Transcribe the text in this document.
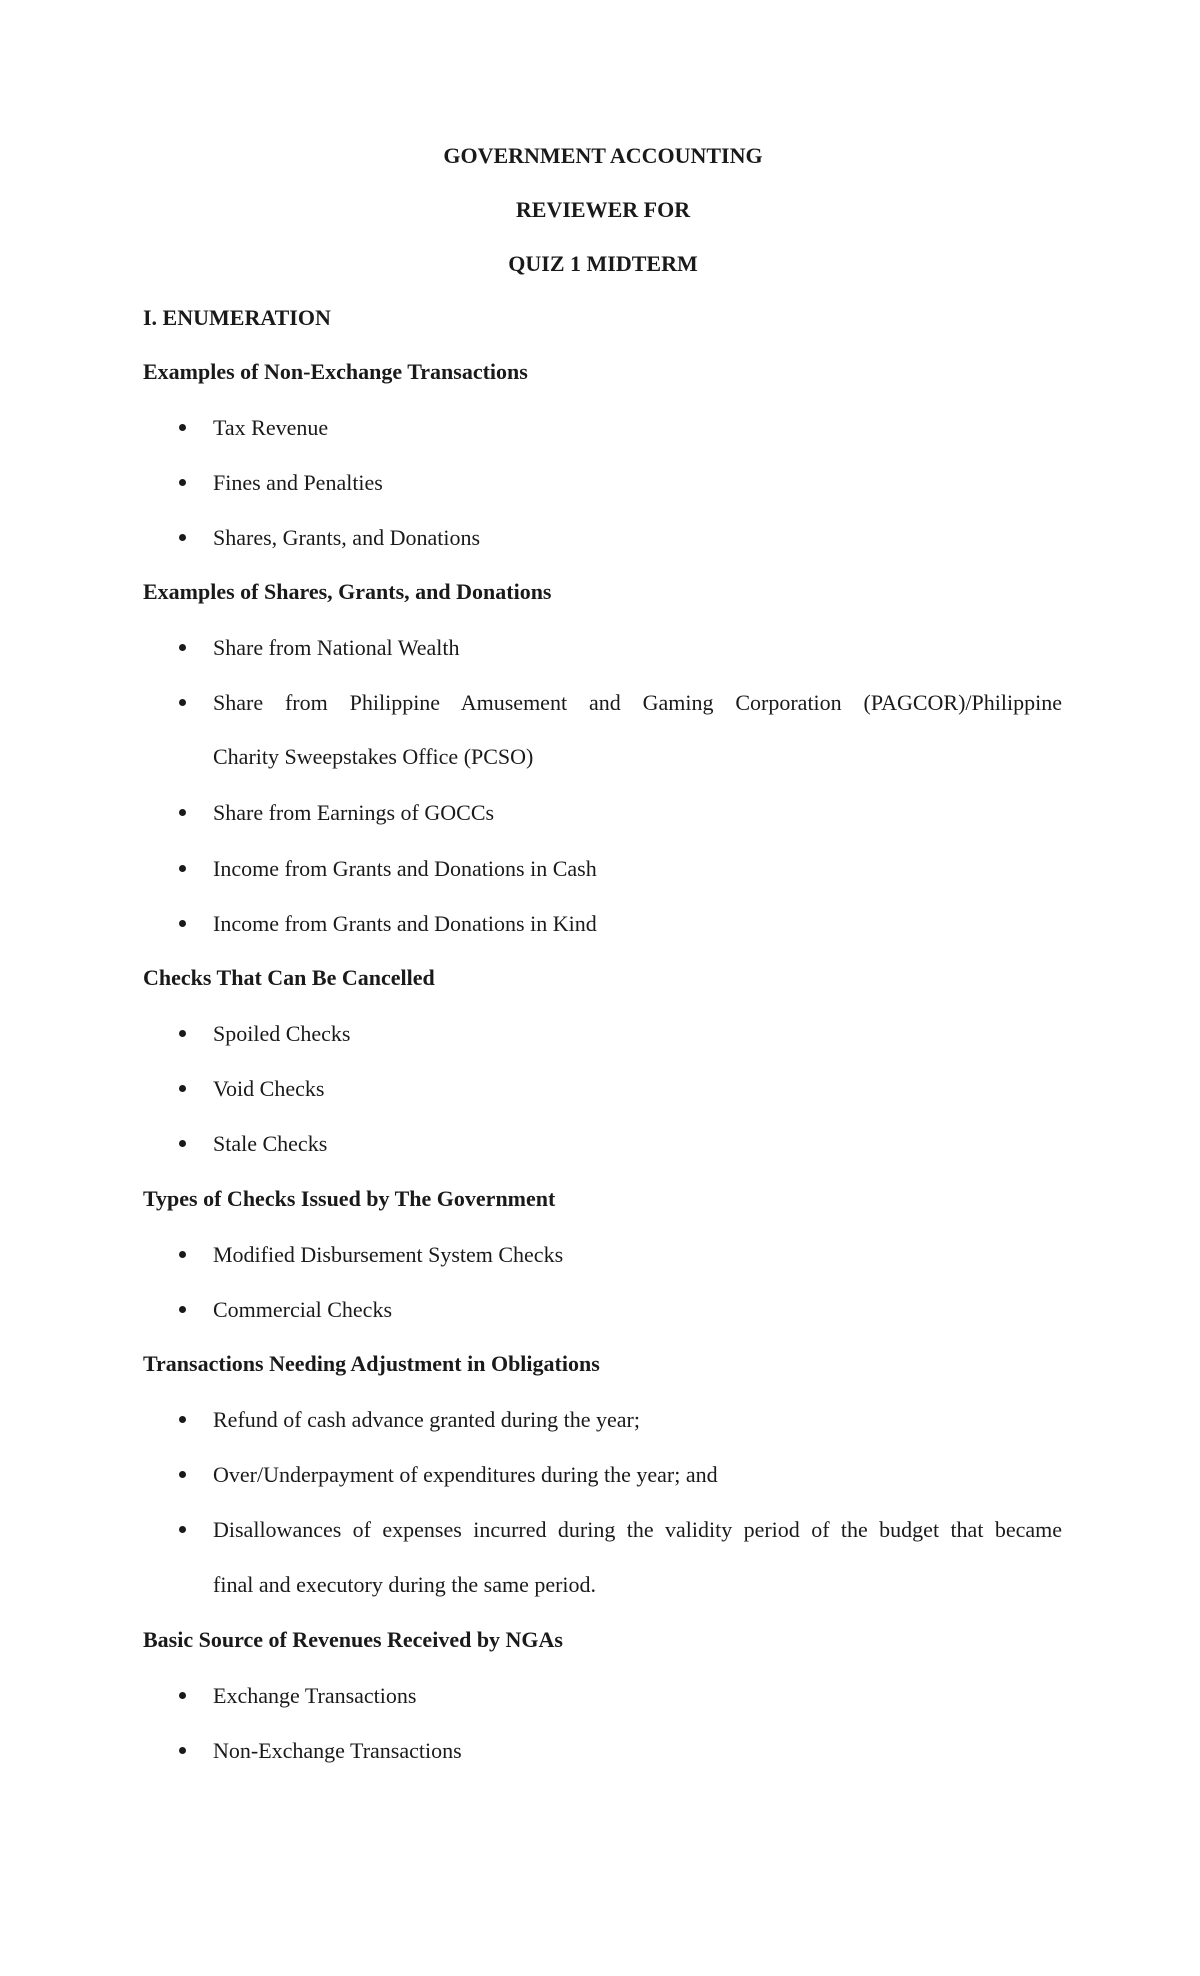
GOVERNMENT ACCOUNTING
REVIEWER FOR
QUIZ 1 MIDTERM
I. ENUMERATION
Examples of Non-Exchange Transactions
Tax Revenue
Fines and Penalties
Shares, Grants, and Donations
Examples of Shares, Grants, and Donations
Share from National Wealth
Share from Philippine Amusement and Gaming Corporation (PAGCOR)/Philippine
Charity Sweepstakes Office (PCSO)
Share from Earnings of GOCCs
Income from Grants and Donations in Cash
Income from Grants and Donations in Kind
Checks That Can Be Cancelled
Spoiled Checks
Void Checks
Stale Checks
Types of Checks Issued by The Government
Modified Disbursement System Checks
Commercial Checks
Transactions Needing Adjustment in Obligations
Refund of cash advance granted during the year;
Over/Underpayment of expenditures during the year; and
Disallowances of expenses incurred during the validity period of the budget that became
final and executory during the same period.
Basic Source of Revenues Received by NGAs
Exchange Transactions
Non-Exchange Transactions
